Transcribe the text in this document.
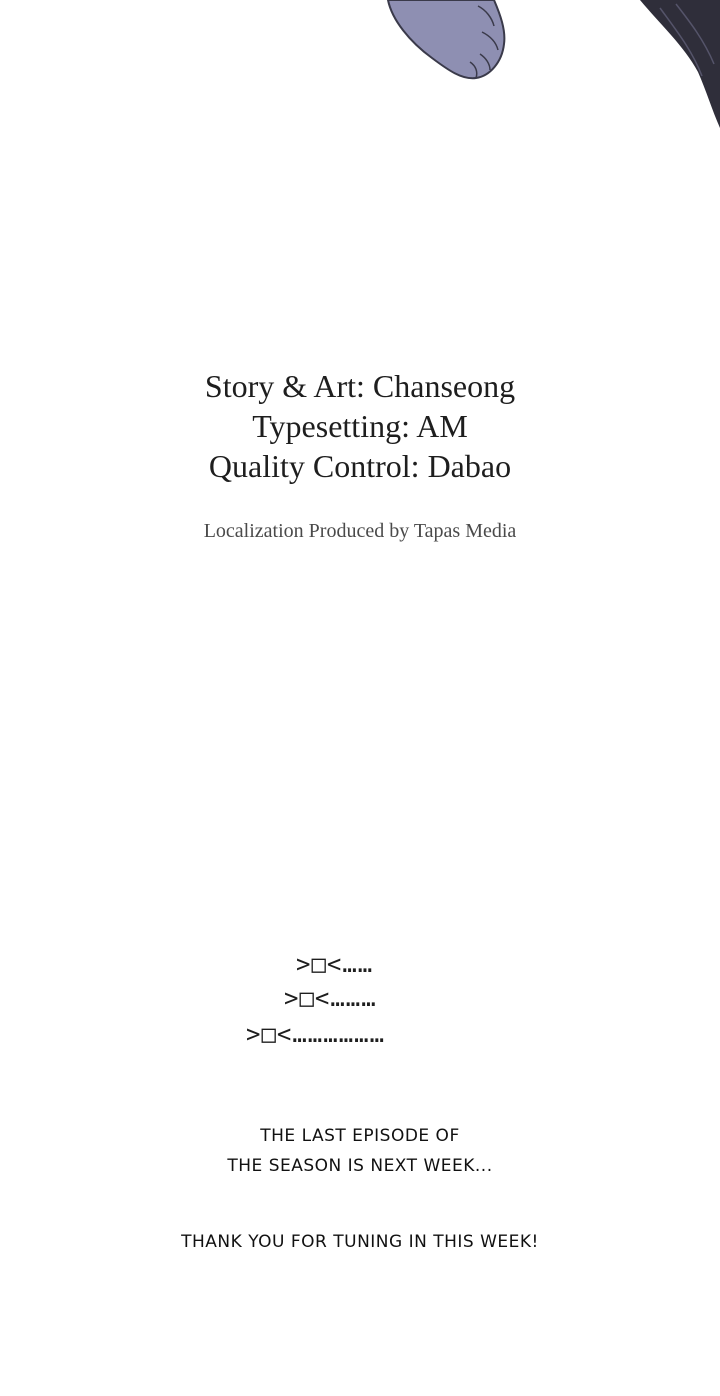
Story & Art: Chanseong
Typesetting: AM
Quality Control: Dabao
Localization Produced by Tapas Media
>□<……
>□<………
>□<………………
THE LAST EPISODE OF
THE SEASON IS NEXT WEEK...
THANK YOU FOR TUNING IN THIS WEEK!
